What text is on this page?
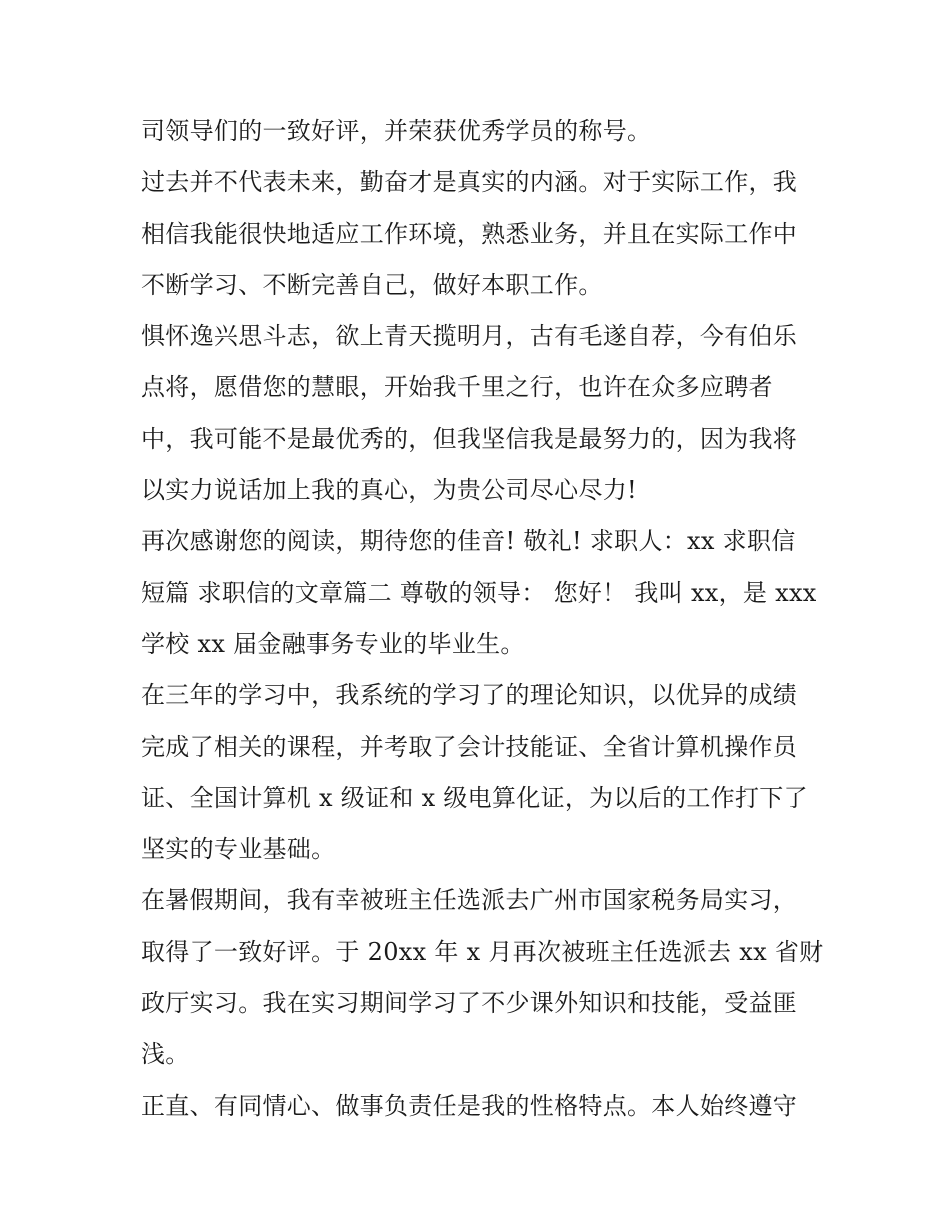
司领导们的一致好评，并荣获优秀学员的称号。
过去并不代表未来，勤奋才是真实的内涵。对于实际工作，我
相信我能很快地适应工作环境，熟悉业务，并且在实际工作中
不断学习、不断完善自己，做好本职工作。
惧怀逸兴思斗志，欲上青天揽明月，古有毛遂自荐，今有伯乐
点将，愿借您的慧眼，开始我千里之行，也许在众多应聘者
中，我可能不是最优秀的，但我坚信我是最努力的，因为我将
以实力说话加上我的真心，为贵公司尽心尽力!
再次感谢您的阅读，期待您的佳音! 敬礼! 求职人：xx 求职信
短篇 求职信的文章篇二 尊敬的领导： 您好！ 我叫 xx，是 xxx
学校 xx 届金融事务专业的毕业生。
在三年的学习中，我系统的学习了的理论知识，以优异的成绩
完成了相关的课程，并考取了会计技能证、全省计算机操作员
证、全国计算机 x 级证和 x 级电算化证，为以后的工作打下了
坚实的专业基础。
在暑假期间，我有幸被班主任选派去广州市国家税务局实习，
取得了一致好评。于 20xx 年 x 月再次被班主任选派去 xx 省财
政厅实习。我在实习期间学习了不少课外知识和技能，受益匪
浅。
正直、有同情心、做事负责任是我的性格特点。本人始终遵守
